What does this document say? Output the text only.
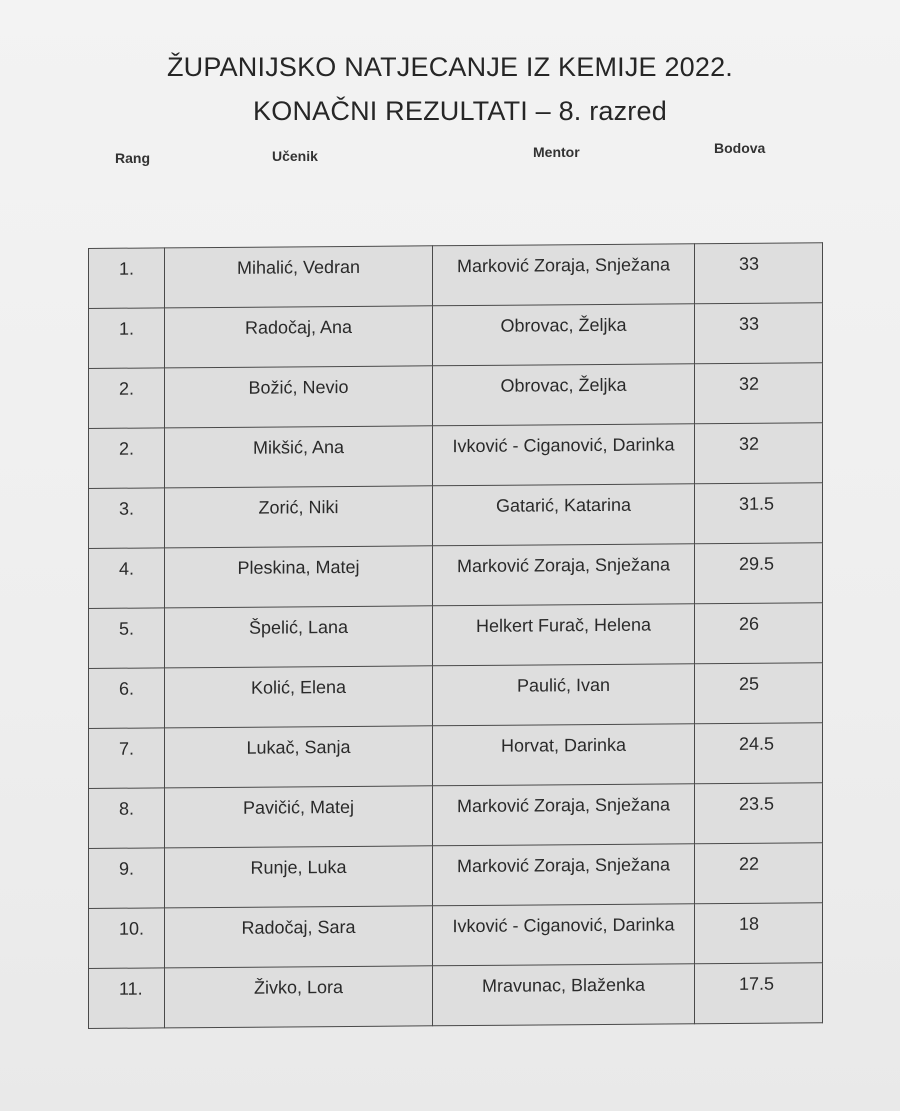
ŽUPANIJSKO NATJECANJE IZ KEMIJE 2022.
KONAČNI REZULTATI – 8. razred
Rang	Učenik	Mentor	Bodova
1.	Mihalić, Vedran	Marković Zoraja, Snježana	33
1.	Radočaj, Ana	Obrovac, Željka	33
2.	Božić, Nevio	Obrovac, Željka	32
2.	Mikšić, Ana	Ivković - Ciganović, Darinka	32
3.	Zorić, Niki	Gatarić, Katarina	31.5
4.	Pleskina, Matej	Marković Zoraja, Snježana	29.5
5.	Špelić, Lana	Helkert Furač, Helena	26
6.	Kolić, Elena	Paulić, Ivan	25
7.	Lukač, Sanja	Horvat, Darinka	24.5
8.	Pavičić, Matej	Marković Zoraja, Snježana	23.5
9.	Runje, Luka	Marković Zoraja, Snježana	22
10.	Radočaj, Sara	Ivković - Ciganović, Darinka	18
11.	Živko, Lora	Mravunac, Blaženka	17.5
